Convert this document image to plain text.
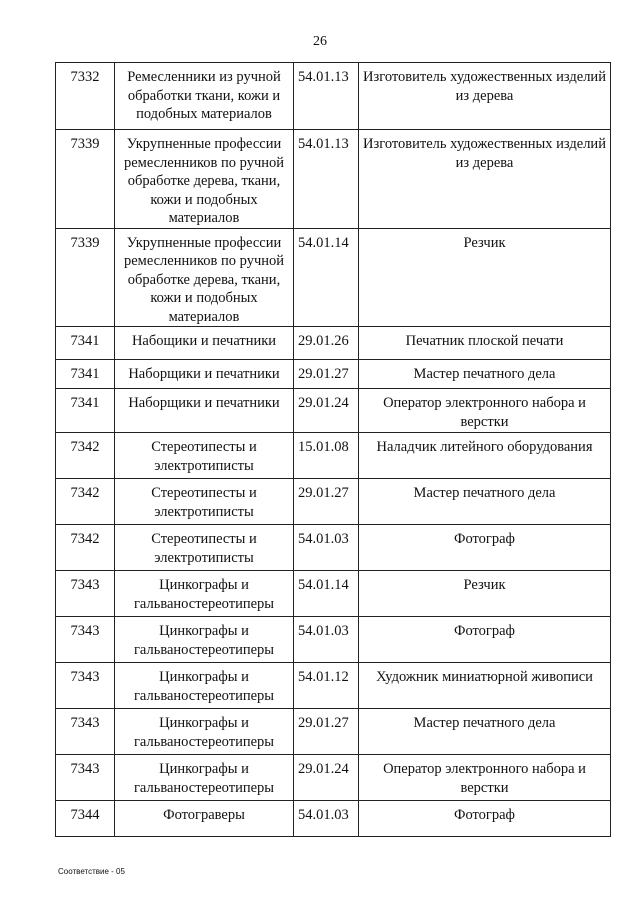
26
7332	Ремесленники из ручной обработки ткани, кожи и подобных материалов	54.01.13	Изготовитель художественных изделий из дерева
7339	Укрупненные профессии ремесленников по ручной обработке дерева, ткани, кожи и подобных материалов	54.01.13	Изготовитель художественных изделий из дерева
7339	Укрупненные профессии ремесленников по ручной обработке дерева, ткани, кожи и подобных материалов	54.01.14	Резчик
7341	Набощики и печатники	29.01.26	Печатник плоской печати
7341	Наборщики и печатники	29.01.27	Мастер печатного дела
7341	Наборщики и печатники	29.01.24	Оператор электронного набора и верстки
7342	Стереотипесты и электротиписты	15.01.08	Наладчик литейного оборудования
7342	Стереотипесты и электротиписты	29.01.27	Мастер печатного дела
7342	Стереотипесты и электротиписты	54.01.03	Фотограф
7343	Цинкографы и гальваностереотиперы	54.01.14	Резчик
7343	Цинкографы и гальваностереотиперы	54.01.03	Фотограф
7343	Цинкографы и гальваностереотиперы	54.01.12	Художник миниатюрной живописи
7343	Цинкографы и гальваностереотиперы	29.01.27	Мастер печатного дела
7343	Цинкографы и гальваностереотиперы	29.01.24	Оператор электронного набора и верстки
7344	Фотограверы	54.01.03	Фотограф
Соответствие - 05
